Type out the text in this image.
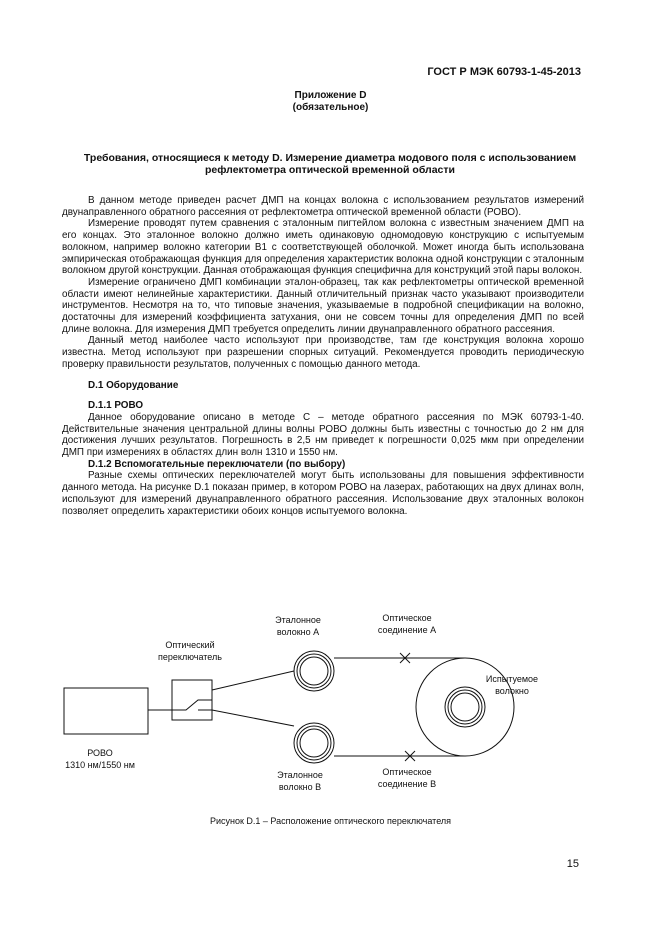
ГОСТ Р МЭК 60793-1-45-2013
Приложение D
(обязательное)
Требования, относящиеся к методу D. Измерение диаметра модового поля с использованием
рефлектометра оптической временной области

В данном методе приведен расчет ДМП на концах волокна с использованием результатов измерений двунаправленного обратного рассеяния от рефлектометра оптической временной области (РОВО).

Измерение проводят путем сравнения с эталонным пигтейлом волокна с известным значением ДМП на его концах. Это эталонное волокно должно иметь одинаковую одномодовую конструкцию с испытуемым волокном, например волокно категории B1 с соответствующей оболочкой. Может иногда быть использована эмпирическая отображающая функция для определения характеристик волокна одной конструкции с эталонным волокном другой конструкции. Данная отображающая функция специфична для конструкций этой пары волокон.

Измерение ограничено ДМП комбинации эталон-образец, так как рефлектометры оптической временной области имеют нелинейные характеристики. Данный отличительный признак часто указывают производители инструментов. Несмотря на то, что типовые значения, указываемые в подробной спецификации на волокно, достаточны для измерений коэффициента затухания, они не совсем точны для определения ДМП по всей длине волокна. Для измерения ДМП требуется определить линии двунаправленного обратного рассеяния.

Данный метод наиболее часто используют при производстве, там где конструкция волокна хорошо известна. Метод используют при разрешении спорных ситуаций. Рекомендуется проводить периодическую проверку правильности результатов, полученных с помощью данного метода.

D.1 Оборудование
D.1.1 РОВО

Данное оборудование описано в методе C – методе обратного рассеяния по МЭК 60793-1-40. Действительные значения центральной длины волны РОВО должны быть известны с точностью до 2 нм для достижения лучших результатов. Погрешность в 2,5 нм приведет к погрешности 0,025 мкм при определении ДМП при измерениях в областях длин волн 1310 и 1550 нм.

D.1.2 Вспомогательные переключатели (по выбору)

Разные схемы оптических переключателей могут быть использованы для повышения эффективности данного метода. На рисунке D.1 показан пример, в котором РОВО на лазерах, работающих на двух длинах волн, используют для измерений двунаправленного обратного рассеяния. Использование двух эталонных волокон позволяет определить характеристики обоих концов испытуемого волокна.

Оптический
переключатель
Эталонное
волокно А
Оптическое
соединение А
Испытуемое
волокно
РОВО
1310 нм/1550 нм
Эталонное
волокно В
Оптическое
соединение В
Рисунок D.1 – Расположение оптического переключателя
15
